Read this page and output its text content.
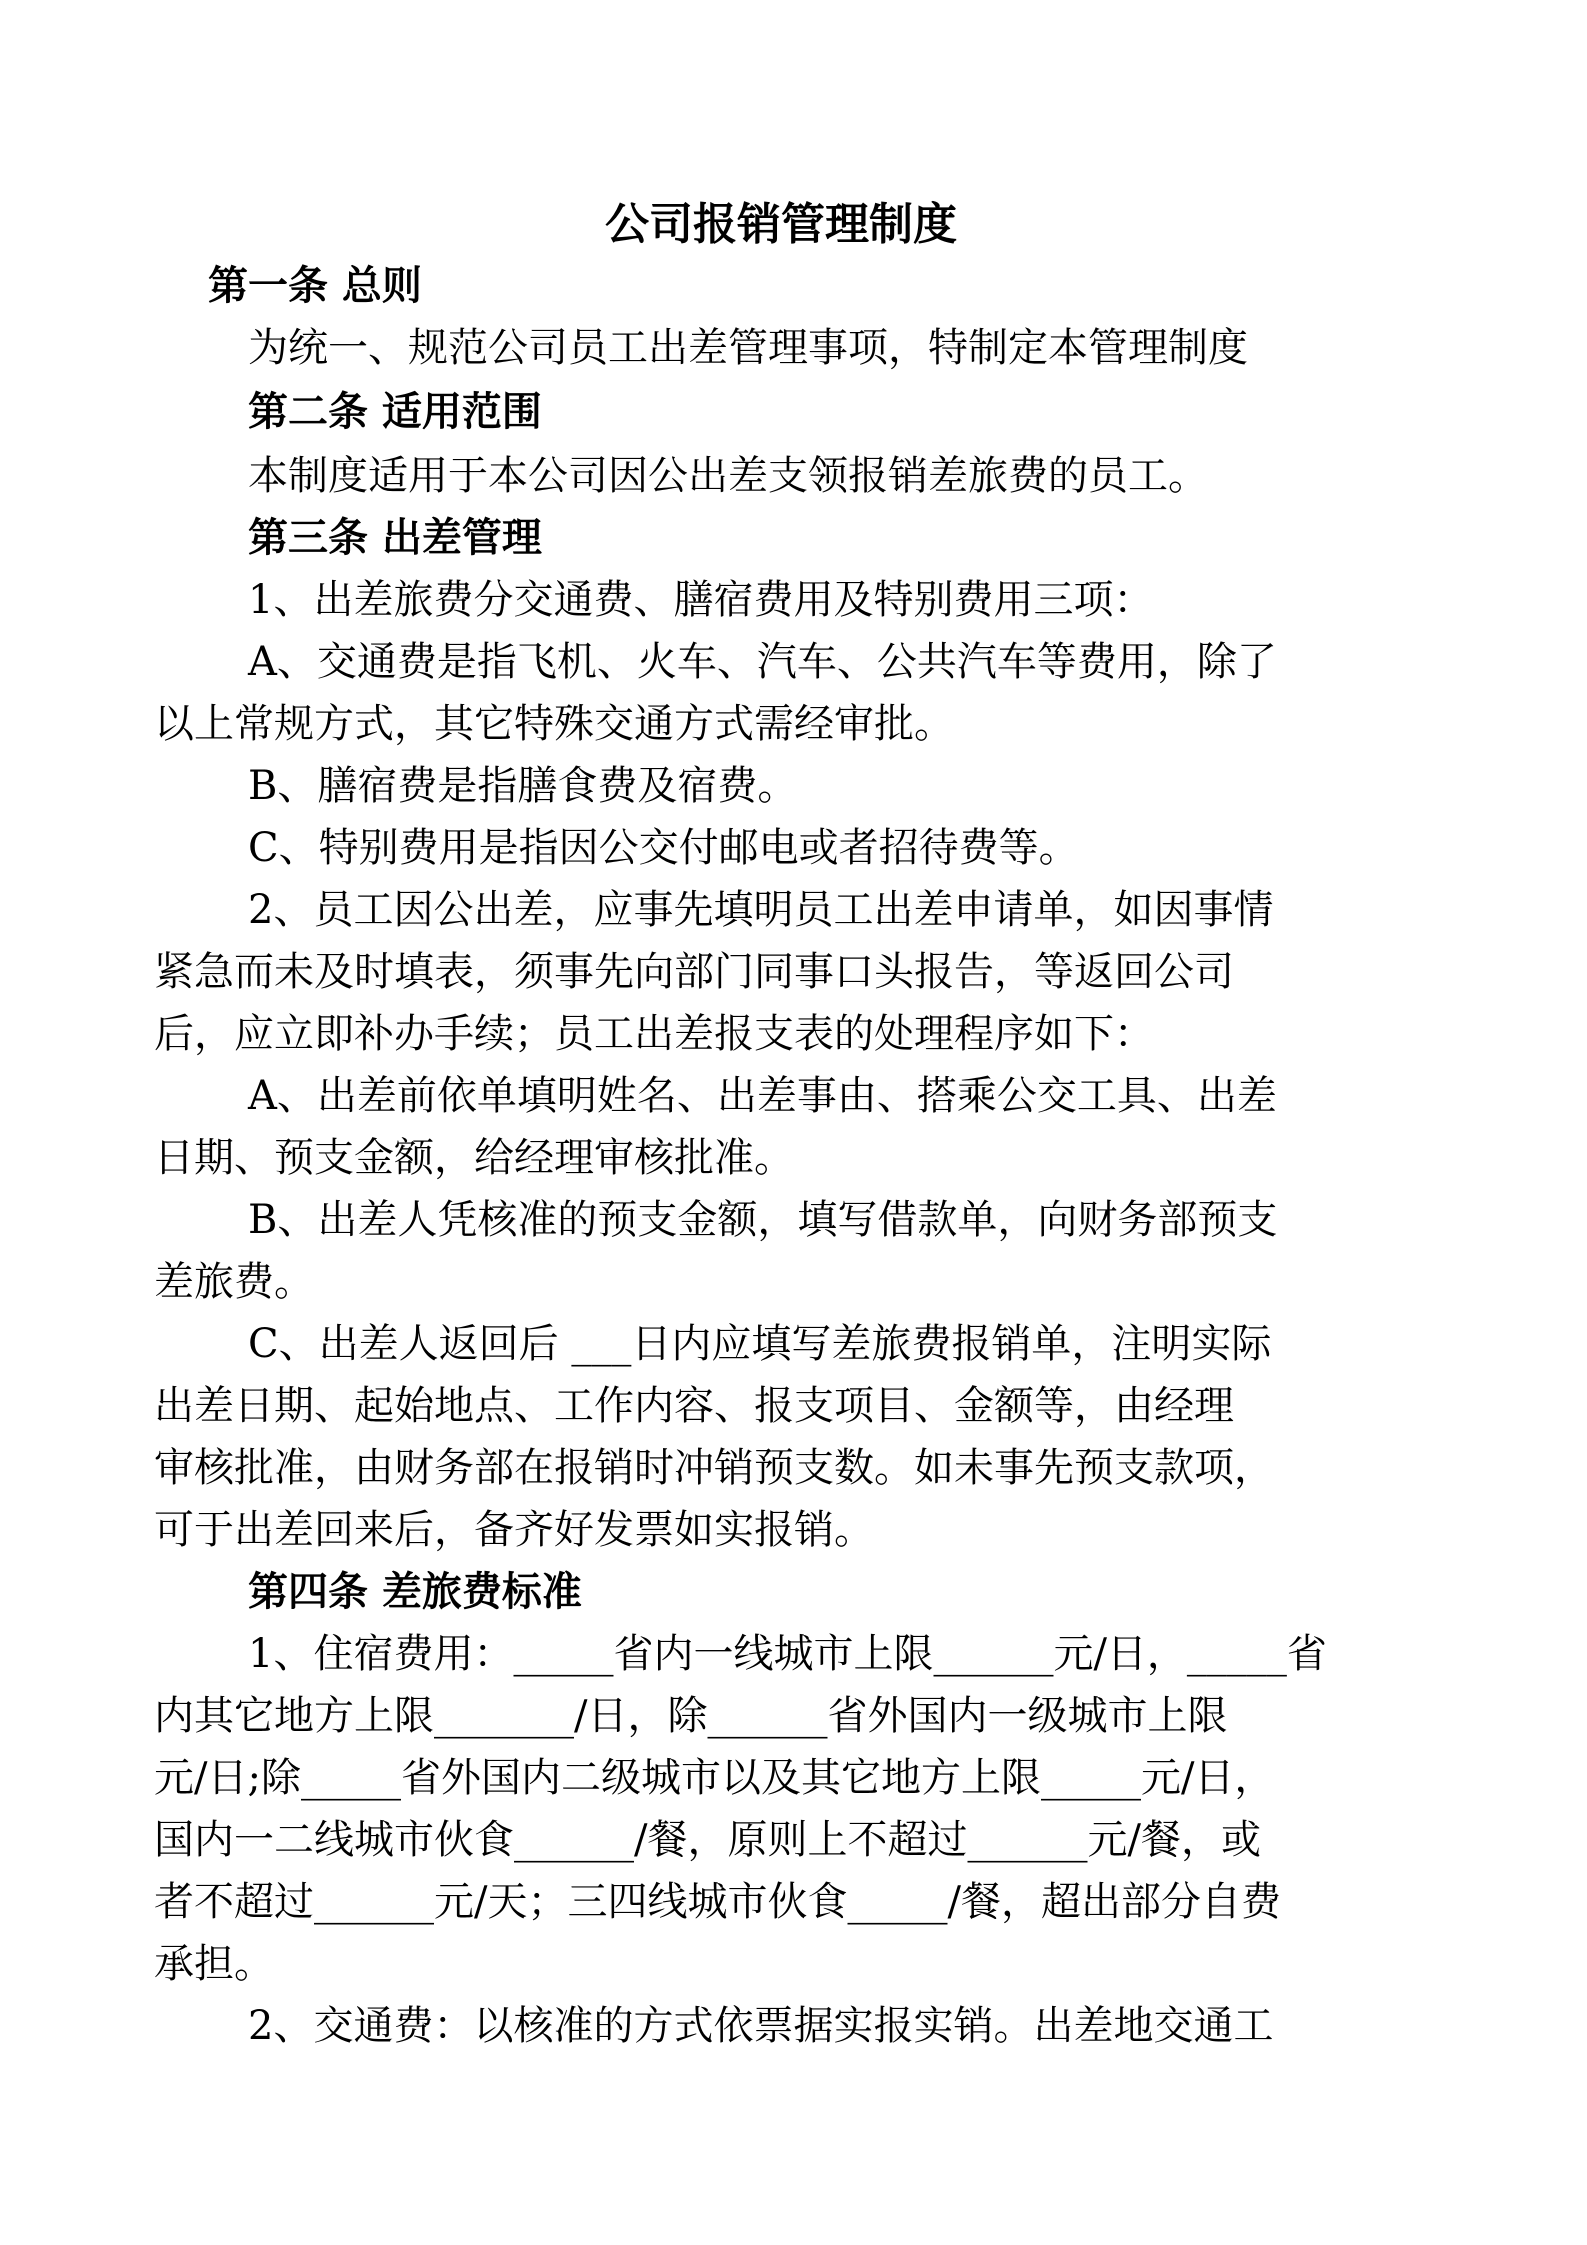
公司报销管理制度
第一条 总则
为统一、规范公司员工出差管理事项，特制定本管理制度
第二条 适用范围
本制度适用于本公司因公出差支领报销差旅费的员工。
第三条 出差管理
1、出差旅费分交通费、膳宿费用及特别费用三项：
A、交通费是指飞机、火车、汽车、公共汽车等费用，除了
以上常规方式，其它特殊交通方式需经审批。
B、膳宿费是指膳食费及宿费。
C、特别费用是指因公交付邮电或者招待费等。
2、员工因公出差，应事先填明员工出差申请单，如因事情
紧急而未及时填表，须事先向部门同事口头报告，等返回公司
后，应立即补办手续；员工出差报支表的处理程序如下：
A、出差前依单填明姓名、出差事由、搭乘公交工具、出差
日期、预支金额，给经理审核批准。
B、出差人凭核准的预支金额，填写借款单，向财务部预支
差旅费。
C、出差人返回后 ___日内应填写差旅费报销单，注明实际
出差日期、起始地点、工作内容、报支项目、金额等，由经理
审核批准，由财务部在报销时冲销预支数。如未事先预支款项，
可于出差回来后，备齐好发票如实报销。
第四条 差旅费标准
1、住宿费用：_____省内一线城市上限______元/日，_____省
内其它地方上限_______/日，除______省外国内一级城市上限
元/日;除_____省外国内二级城市以及其它地方上限_____元/日，
国内一二线城市伙食______/餐，原则上不超过______元/餐，或
者不超过______元/天；三四线城市伙食_____/餐，超出部分自费
承担。
2、交通费：以核准的方式依票据实报实销。出差地交通工
